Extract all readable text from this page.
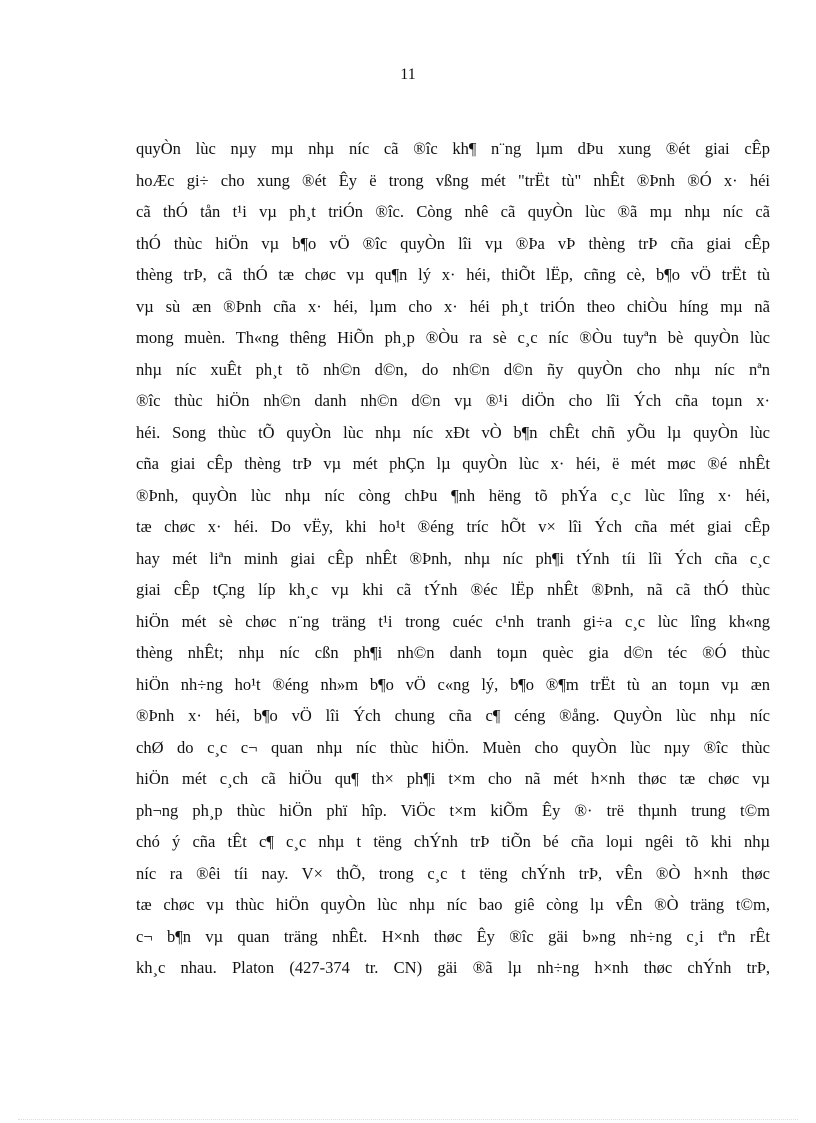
11
quyÒn lùc nµy mµ nhµ níc cã ®îc kh¶ n¨ng lµm dÞu xung ®ét giai cÊp
hoÆc gi÷ cho xung ®ét Êy ë trong vßng mét "trËt tù" nhÊt ®Þnh ®Ó x· héi
cã thÓ tån t¹i vµ ph¸t triÓn ®îc. Còng nhê cã quyÒn lùc ®ã mµ nhµ níc cã
thÓ thùc hiÖn vµ b¶o vÖ ®îc quyÒn lîi vµ ®Þa vÞ thèng trÞ cña giai cÊp
thèng trÞ, cã thÓ tæ chøc vµ qu¶n lý x· héi, thiÕt lËp, cñng cè, b¶o vÖ trËt tù
vµ sù æn ®Þnh cña x· héi, lµm cho x· héi ph¸t triÓn theo chiÒu híng mµ nã
mong muèn. Th«ng thêng HiÕn ph¸p ®Òu ra sè c¸c níc ®Òu tuyªn bè quyÒn lùc
nhµ níc xuÊt ph¸t tõ nh©n d©n, do nh©n d©n ñy quyÒn cho nhµ níc nªn
®îc thùc hiÖn nh©n danh nh©n d©n vµ ®¹i diÖn cho lîi Ých cña toµn x·
héi. Song thùc tÕ quyÒn lùc nhµ níc xÐt vÒ b¶n chÊt chñ yÕu lµ quyÒn lùc
cña giai cÊp thèng trÞ vµ mét phÇn lµ quyÒn lùc x· héi, ë mét møc ®é nhÊt
®Þnh, quyÒn lùc nhµ níc còng chÞu ¶nh hëng tõ phÝa c¸c lùc lîng x· héi,
tæ chøc x· héi. Do vËy, khi ho¹t ®éng tríc hÕt v× lîi Ých cña mét giai cÊp
hay mét liªn minh giai cÊp nhÊt ®Þnh, nhµ níc ph¶i tÝnh tíi lîi Ých cña c¸c
giai cÊp tÇng líp kh¸c vµ khi cã tÝnh ®éc lËp nhÊt ®Þnh, nã cã thÓ thùc
hiÖn mét sè chøc n¨ng träng t¹i trong cuéc c¹nh tranh gi÷a c¸c lùc lîng kh«ng
thèng nhÊt; nhµ níc cßn ph¶i nh©n danh toµn quèc gia d©n téc ®Ó thùc
hiÖn nh÷ng ho¹t ®éng nh»m b¶o vÖ c«ng lý, b¶o ®¶m trËt tù an toµn vµ æn
®Þnh x· héi, b¶o vÖ lîi Ých chung cña c¶ céng ®ång. QuyÒn lùc nhµ níc
chØ do c¸c c¬ quan nhµ níc thùc hiÖn. Muèn cho quyÒn lùc nµy ®îc thùc
hiÖn mét c¸ch cã hiÖu qu¶ th× ph¶i t×m cho nã mét h×nh thøc tæ chøc vµ
ph¬ng ph¸p thùc hiÖn phï hîp. ViÖc t×m kiÕm Êy ®· trë thµnh trung t©m
chó ý cña tÊt c¶ c¸c nhµ t tëng chÝnh trÞ tiÕn bé cña loµi ngêi tõ khi nhµ
níc ra ®êi tíi nay. V× thÕ, trong c¸c t tëng chÝnh trÞ, vÊn ®Ò h×nh thøc
tæ chøc vµ thùc hiÖn quyÒn lùc nhµ níc bao giê còng lµ vÊn ®Ò träng t©m,
c¬ b¶n vµ quan träng nhÊt. H×nh thøc Êy ®îc gäi b»ng nh÷ng c¸i tªn rÊt
kh¸c nhau. Platon (427-374 tr. CN) gäi ®ã lµ nh÷ng h×nh thøc chÝnh trÞ,
